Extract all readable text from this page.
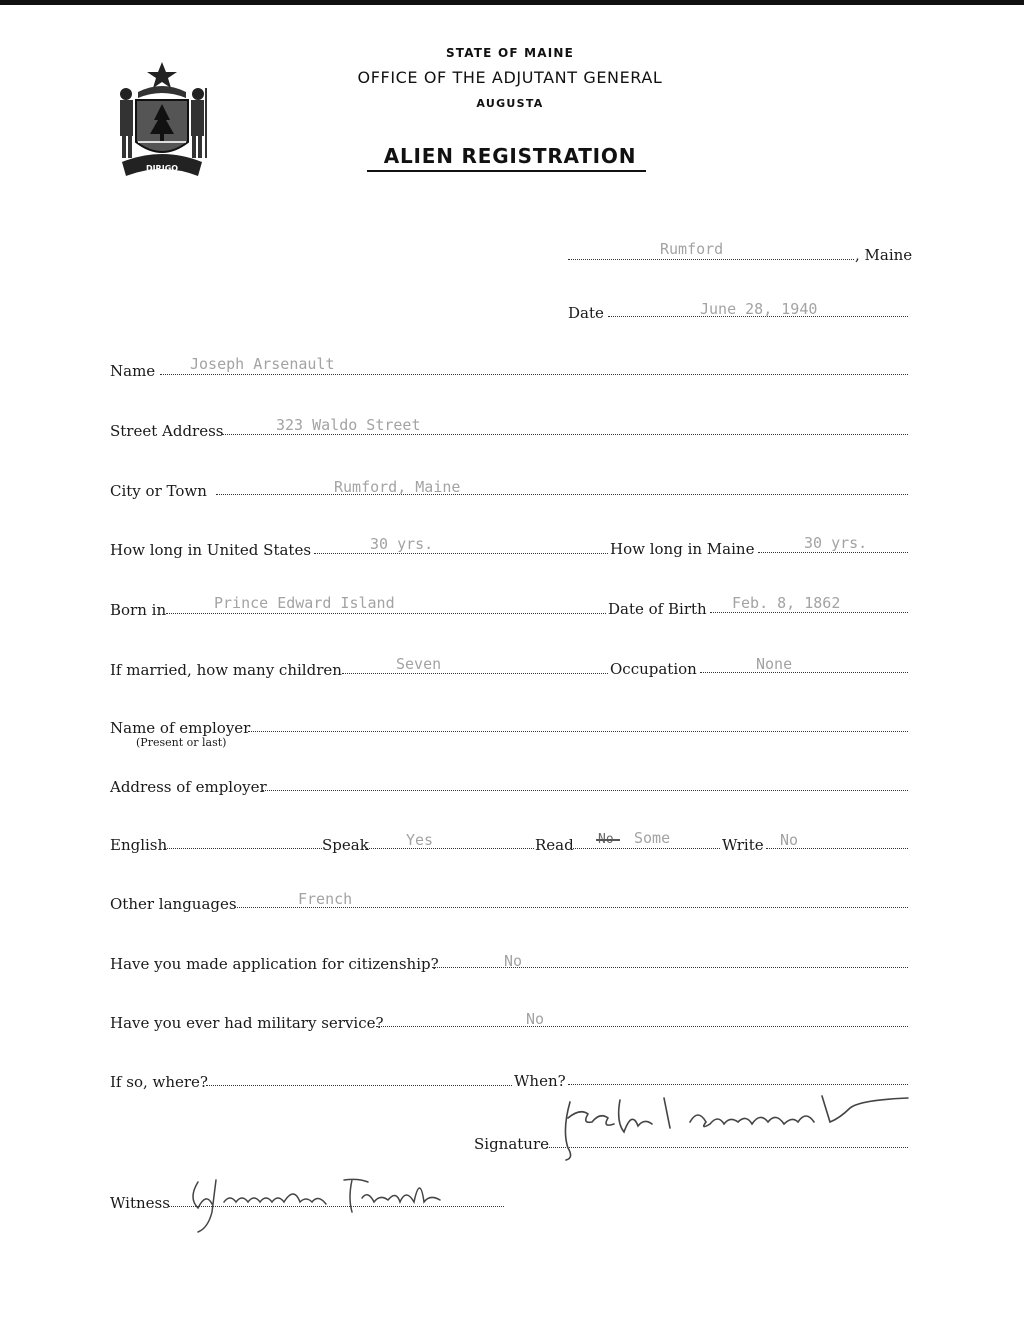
DIRIGO
STATE OF MAINE
OFFICE OF THE ADJUTANT GENERAL
AUGUSTA
ALIEN REGISTRATION
Rumford	, Maine
Date	June 28, 1940
Name Joseph Arsenault
Street Address	323 Waldo Street
City or Town	Rumford, Maine
How long in United States	30 yrs.	How long in Maine	30 yrs.
Born in	Prince Edward Island	Date of Birth Feb. 8, 1862
If married, how many children	Seven	Occupation	None
Name of employer
(Present or last)
Address of employer
English	Speak Yes	Read No Some	Write No
Other languages	French
Have you made application for citizenship?	No
Have you ever had military service?	No
If so, where?	When?
Signature
Witness
